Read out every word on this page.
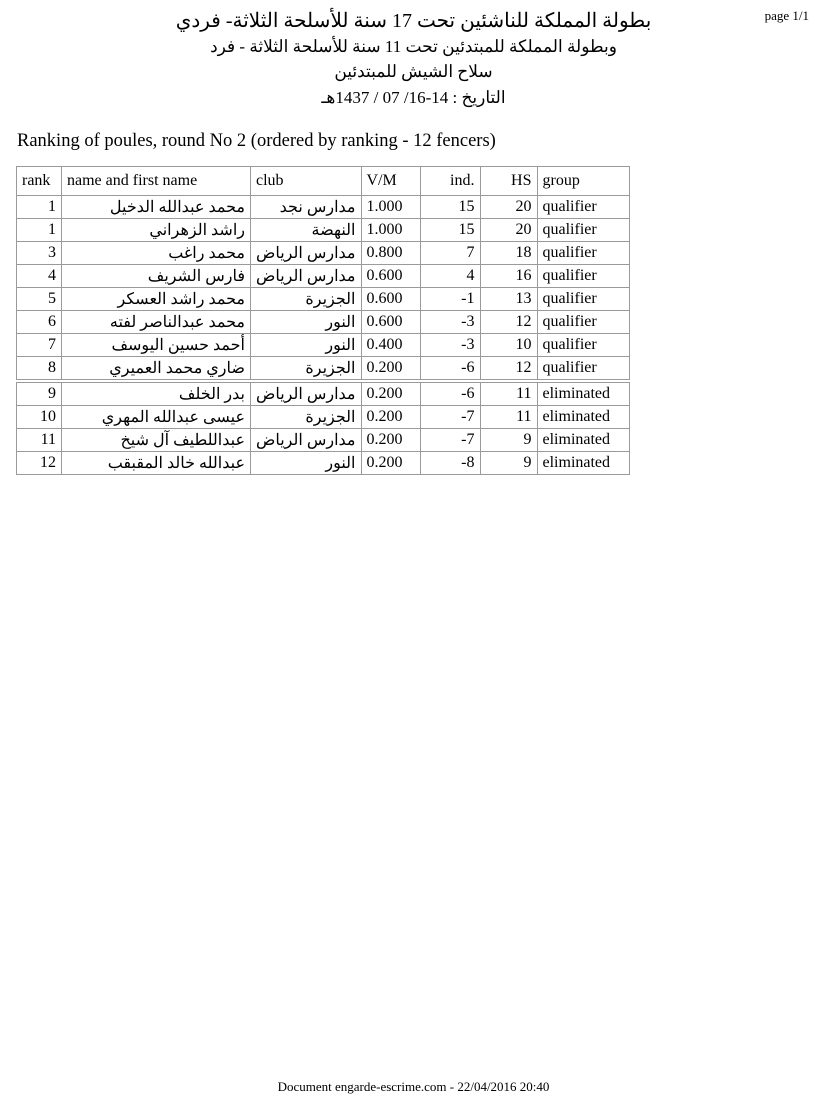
page 1/1
بطولة المملكة للناشئين تحت 17 سنة للأسلحة الثلاثة- فردي
وبطولة المملكة للمبتدئين تحت 11 سنة للأسلحة الثلاثة - فرد
سلاح الشيش للمبتدئين
التاريخ : 14-16/ 07 / 1437هـ
Ranking of poules, round No 2 (ordered by ranking - 12 fencers)
rank	name and first name	club	V/M	ind.	HS	group
1	محمد عبدالله الدخيل	مدارس نجد	1.000	15	20	qualifier
1	راشد الزهراني	النهضة	1.000	15	20	qualifier
3	محمد راغب	مدارس الرياض	0.800	7	18	qualifier
4	فارس الشريف	مدارس الرياض	0.600	4	16	qualifier
5	محمد راشد العسكر	الجزيرة	0.600	-1	13	qualifier
6	محمد عبدالناصر لفته	النور	0.600	-3	12	qualifier
7	أحمد حسين اليوسف	النور	0.400	-3	10	qualifier
8	ضاري محمد العميري	الجزيرة	0.200	-6	12	qualifier
9	بدر الخلف	مدارس الرياض	0.200	-6	11	eliminated
10	عيسى عبدالله المهري	الجزيرة	0.200	-7	11	eliminated
11	عبداللطيف آل شيخ	مدارس الرياض	0.200	-7	9	eliminated
12	عبدالله خالد المقبقب	النور	0.200	-8	9	eliminated
Document engarde-escrime.com - 22/04/2016 20:40
